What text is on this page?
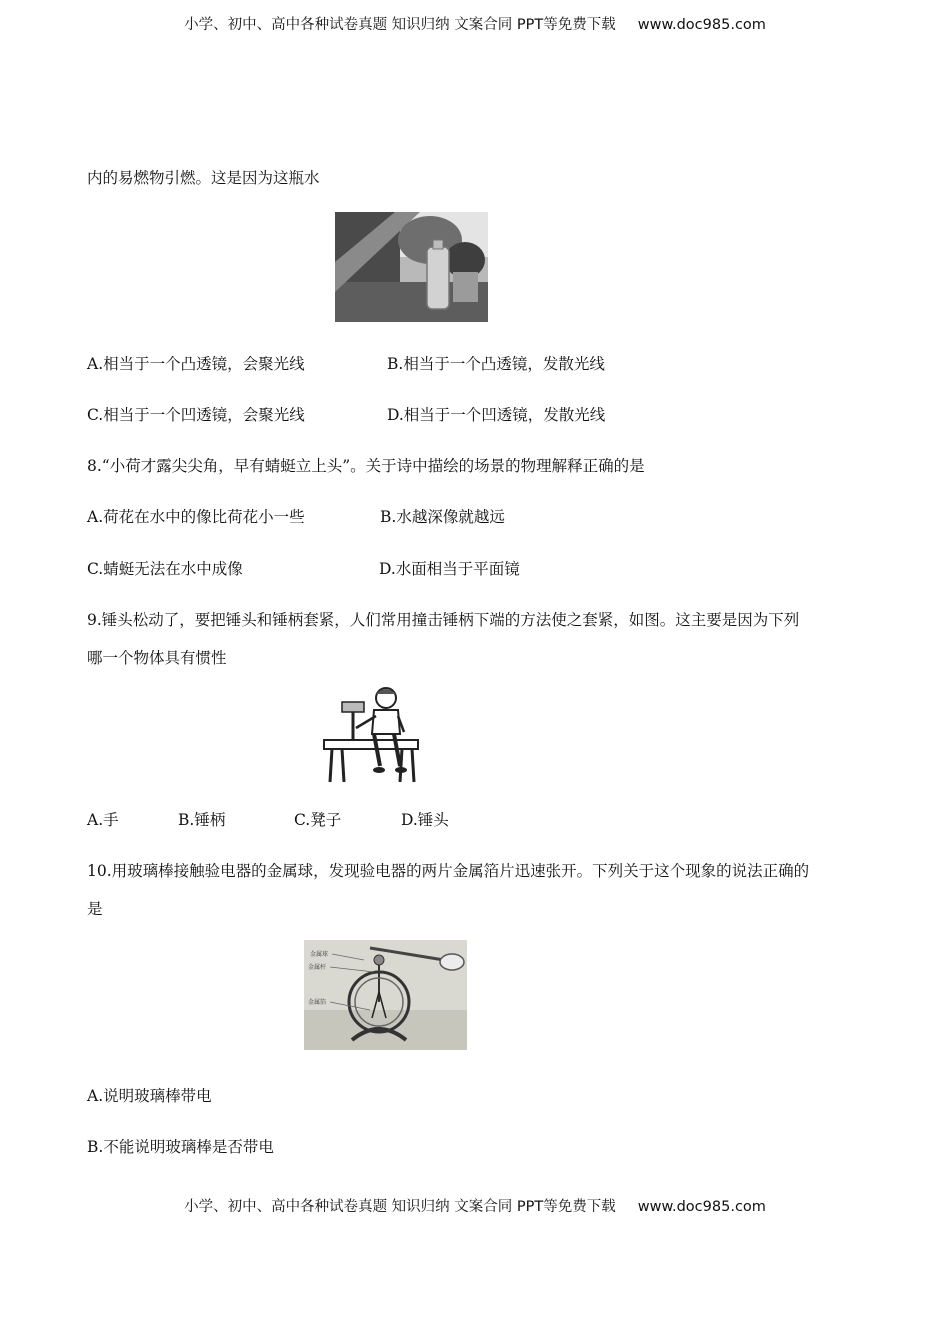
小学、初中、高中各种试卷真题 知识归纳 文案合同 PPT等免费下载 www.doc985.com
内的易燃物引燃。这是因为这瓶水
A.相当于一个凸透镜，会聚光线	B.相当于一个凸透镜，发散光线
C.相当于一个凹透镜，会聚光线	D.相当于一个凹透镜，发散光线
8.“小荷才露尖尖角，早有蜻蜓立上头”。关于诗中描绘的场景的物理解释正确的是
A.荷花在水中的像比荷花小一些	B.水越深像就越远
C.蜻蜓无法在水中成像	D.水面相当于平面镜
9.锤头松动了，要把锤头和锤柄套紧，人们常用撞击锤柄下端的方法使之套紧，如图。这主要是因为下列
哪一个物体具有惯性
A.手	B.锤柄	C.凳子	D.锤头
10.用玻璃棒接触验电器的金属球，发现验电器的两片金属箔片迅速张开。下列关于这个现象的说法正确的
是
金属球
金属杆
金属箔
A.说明玻璃棒带电
B.不能说明玻璃棒是否带电
小学、初中、高中各种试卷真题 知识归纳 文案合同 PPT等免费下载 www.doc985.com
